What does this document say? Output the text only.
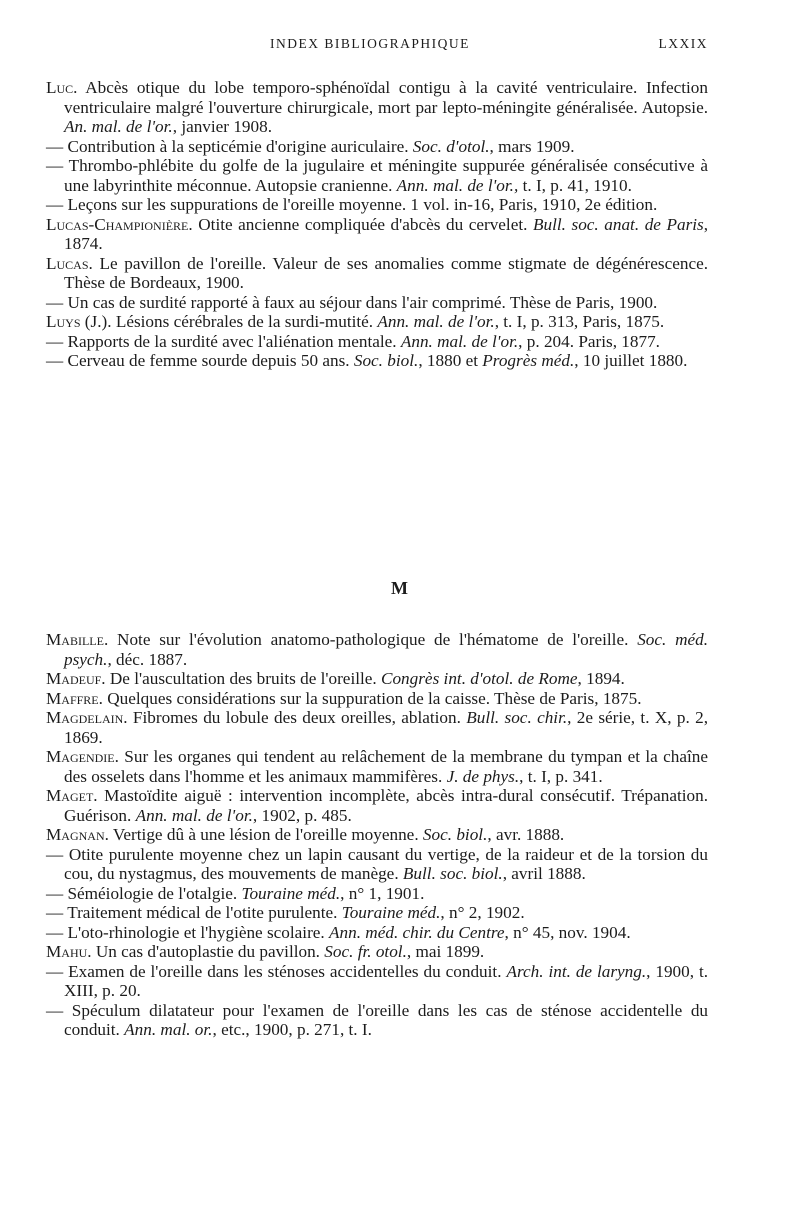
INDEX BIBLIOGRAPHIQUE	LXXIX

Luc. Abcès otique du lobe temporo-sphénoïdal contigu à la cavité ventriculaire. Infection ventriculaire malgré l'ouverture chirurgicale, mort par lepto-méningite généralisée. Autopsie. An. mal. de l'or., janvier 1908.

— Contribution à la septicémie d'origine auriculaire. Soc. d'otol., mars 1909.

— Thrombo-phlébite du golfe de la jugulaire et méningite suppurée généralisée consécutive à une labyrinthite méconnue. Autopsie cranienne. Ann. mal. de l'or., t. I, p. 41, 1910.

— Leçons sur les suppurations de l'oreille moyenne. 1 vol. in-16, Paris, 1910, 2e édition.

Lucas-Championière. Otite ancienne compliquée d'abcès du cervelet. Bull. soc. anat. de Paris, 1874.

Lucas. Le pavillon de l'oreille. Valeur de ses anomalies comme stigmate de dégénérescence. Thèse de Bordeaux, 1900.

— Un cas de surdité rapporté à faux au séjour dans l'air comprimé. Thèse de Paris, 1900.

Luys (J.). Lésions cérébrales de la surdi-mutité. Ann. mal. de l'or., t. I, p. 313, Paris, 1875.

— Rapports de la surdité avec l'aliénation mentale. Ann. mal. de l'or., p. 204. Paris, 1877.

— Cerveau de femme sourde depuis 50 ans. Soc. biol., 1880 et Progrès méd., 10 juillet 1880.

M

Mabille. Note sur l'évolution anatomo-pathologique de l'hématome de l'oreille. Soc. méd. psych., déc. 1887.

Madeuf. De l'auscultation des bruits de l'oreille. Congrès int. d'otol. de Rome, 1894.

Maffre. Quelques considérations sur la suppuration de la caisse. Thèse de Paris, 1875.

Magdelain. Fibromes du lobule des deux oreilles, ablation. Bull. soc. chir., 2e série, t. X, p. 2, 1869.

Magendie. Sur les organes qui tendent au relâchement de la membrane du tympan et la chaîne des osselets dans l'homme et les animaux mammifères. J. de phys., t. I, p. 341.

Maget. Mastoïdite aiguë : intervention incomplète, abcès intra-dural consécutif. Trépanation. Guérison. Ann. mal. de l'or., 1902, p. 485.

Magnan. Vertige dû à une lésion de l'oreille moyenne. Soc. biol., avr. 1888.

— Otite purulente moyenne chez un lapin causant du vertige, de la raideur et de la torsion du cou, du nystagmus, des mouvements de manège. Bull. soc. biol., avril 1888.

— Séméiologie de l'otalgie. Touraine méd., n° 1, 1901.

— Traitement médical de l'otite purulente. Touraine méd., n° 2, 1902.

— L'oto-rhinologie et l'hygiène scolaire. Ann. méd. chir. du Centre, n° 45, nov. 1904.

Mahu. Un cas d'autoplastie du pavillon. Soc. fr. otol., mai 1899.

— Examen de l'oreille dans les sténoses accidentelles du conduit. Arch. int. de laryng., 1900, t. XIII, p. 20.

— Spéculum dilatateur pour l'examen de l'oreille dans les cas de sténose accidentelle du conduit. Ann. mal. or., etc., 1900, p. 271, t. I.
